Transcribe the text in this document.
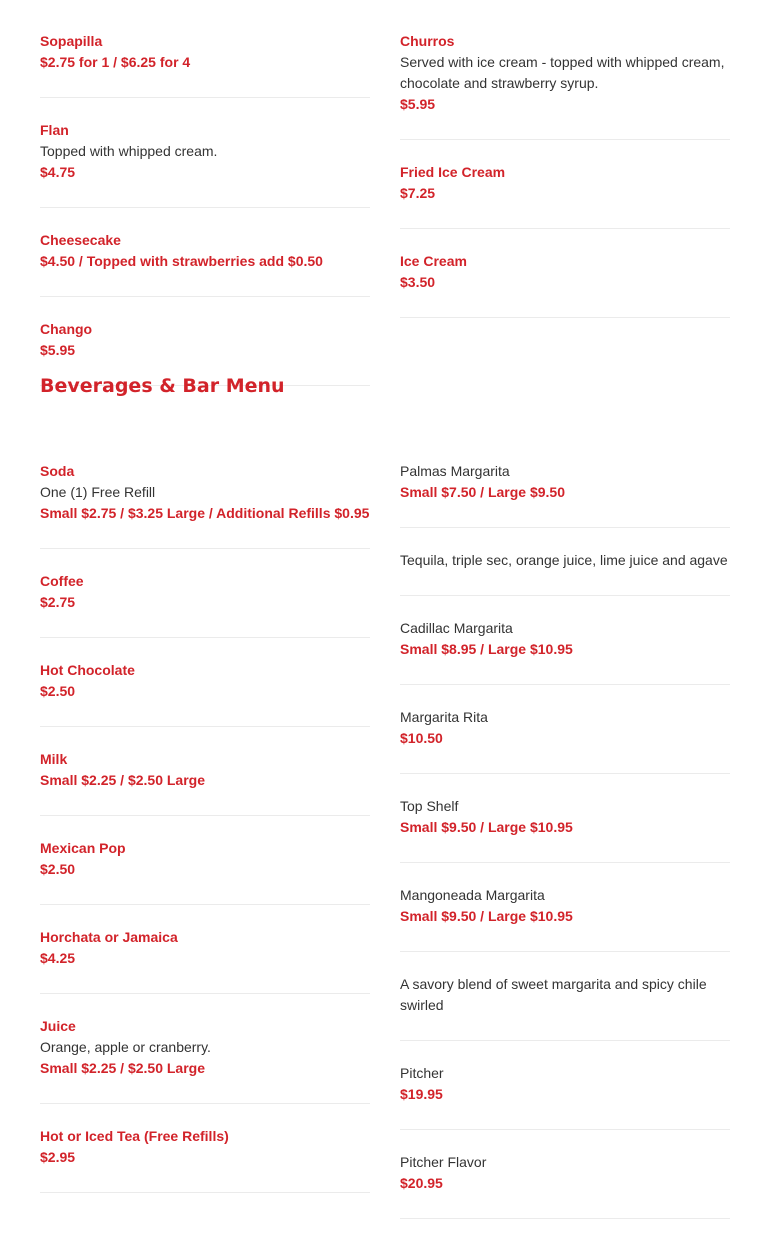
Sopapilla
$2.75 for 1 / $6.25 for 4
Flan
Topped with whipped cream.
$4.75
Cheesecake
$4.50 / Topped with strawberries add $0.50
Chango
$5.95
Churros
Served with ice cream - topped with whipped cream, chocolate and strawberry syrup.
$5.95
Fried Ice Cream
$7.25
Ice Cream
$3.50
Beverages & Bar Menu
Soda
One (1) Free Refill
Small $2.75 / $3.25 Large / Additional Refills $0.95
Coffee
$2.75
Hot Chocolate
$2.50
Milk
Small $2.25 / $2.50 Large
Mexican Pop
$2.50
Horchata or Jamaica
$4.25
Juice
Orange, apple or cranberry.
Small $2.25 / $2.50 Large
Hot or Iced Tea (Free Refills)
$2.95
Palmas Margarita
Small $7.50 / Large $9.50
Tequila, triple sec, orange juice, lime juice and agave
Cadillac Margarita
Small $8.95 / Large $10.95
Margarita Rita
$10.50
Top Shelf
Small $9.50 / Large $10.95
Mangoneada Margarita
Small $9.50 / Large $10.95
A savory blend of sweet margarita and spicy chile swirled
Pitcher
$19.95
Pitcher Flavor
$20.95
